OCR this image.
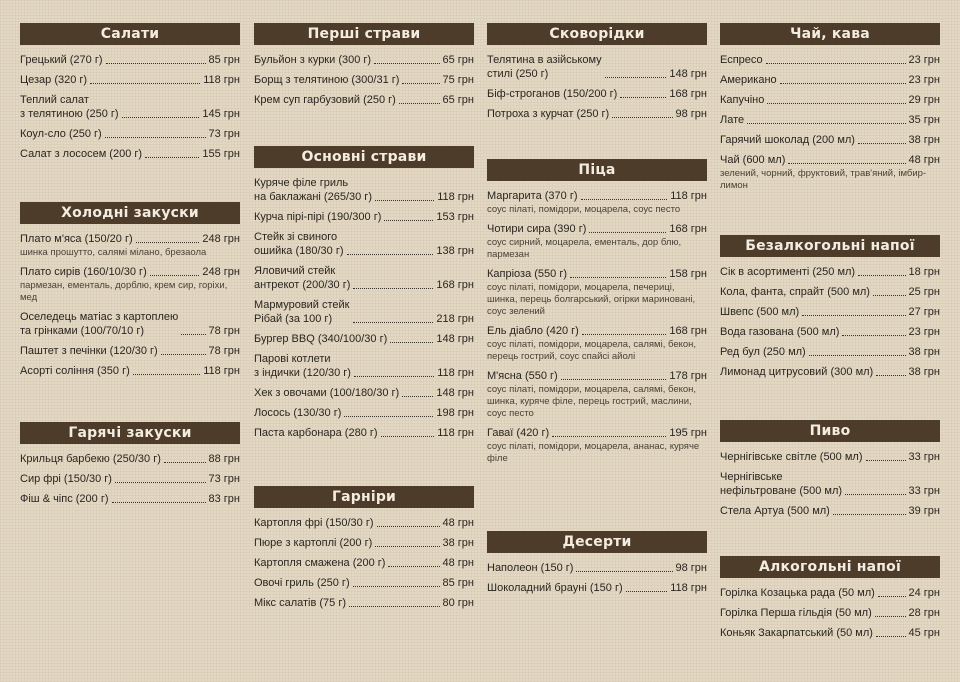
Салати
Грецький (270 г)	85 грн
Цезар (320 г)	118 грн
Теплий салат
з телятиною (250 г)	145 грн
Коул-сло (250 г)	73 грн
Салат з лососем (200 г)	155 грн
Холодні закуски
Плато м'яса (150/20 г)	248 грн
шинка прошутто, салямі мілано, брезаола
Плато сирів (160/10/30 г)	248 грн
пармезан, ементаль, дорблю, крем сир, горіхи, мед
Оселедець матіас з картоплею
та грінками (100/70/10 г)	78 грн
Паштет з печінки (120/30 г)	78 грн
Асорті соління (350 г)	118 грн
Гарячі закуски
Крильця барбекю (250/30 г)	88 грн
Сир фрі (150/30 г)	73 грн
Фіш & чіпс (200 г)	83 грн
Перші страви
Бульйон з курки (300 г)	65 грн
Борщ з телятиною (300/31 г)	75 грн
Крем суп гарбузовий (250 г)	65 грн
Основні страви
Куряче філе гриль
на баклажані (265/30 г)	118 грн
Курча пірі-пірі (190/300 г)	153 грн
Стейк зі свиного
ошийка (180/30 г)	138 грн
Яловичий стейк
антрекот (200/30 г)	168 грн
Мармуровий стейк
Рібай (за 100 г)	218 грн
Бургер BBQ (340/100/30 г)	148 грн
Парові котлети
з індички (120/30 г)	118 грн
Хек з овочами (100/180/30 г)	148 грн
Лосось (130/30 г)	198 грн
Паста карбонара (280 г)	118 грн
Гарніри
Картопля фрі (150/30 г)	48 грн
Пюре з картоплі (200 г)	38 грн
Картопля смажена (200 г)	48 грн
Овочі гриль (250 г)	85 грн
Мікс салатів (75 г)	80 грн
Сковорідки
Телятина в азійському
стилі (250 г)	148 грн
Біф-строганов (150/200 г)	168 грн
Потроха з курчат (250 г)	98 грн
Піца
Маргарита (370 г)	118 грн
соус пілаті, помідори, моцарела, соус песто
Чотири сира (390 г)	168 грн
соус сирний, моцарела, ементаль, дор блю, пармезан
Капріоза (550 г)	158 грн
соус пілаті, помідори, моцарела, печериці, шинка, перець болгарський, огірки мариновані, соус зелений
Ель діабло (420 г)	168 грн
соус пілаті, помідори, моцарела, салямі, бекон, перець гострий, соус спайсі айолі
М'ясна (550 г)	178 грн
соус пілаті, помідори, моцарела, салямі, бекон, шинка, куряче філе, перець гострий, маслини, соус песто
Гаваї (420 г)	195 грн
соус пілаті, помідори, моцарела, ананас, куряче філе
Десерти
Наполеон (150 г)	98 грн
Шоколадний брауні (150 г)	118 грн
Чай, кава
Еспресо	23 грн
Американо	23 грн
Капучіно	29 грн
Лате	35 грн
Гарячий шоколад (200 мл)	38 грн
Чай (600 мл)	48 грн
зелений, чорний, фруктовий, трав'яний, імбир-лимон
Безалкогольні напої
Сік в асортименті (250 мл)	18 грн
Кола, фанта, спрайт (500 мл)	25 грн
Швепс (500 мл)	27 грн
Вода газована (500 мл)	23 грн
Ред бул (250 мл)	38 грн
Лимонад цитрусовий (300 мл)	38 грн
Пиво
Чернігівське світле (500 мл)	33 грн
Чернігівське
нефільтроване (500 мл)	33 грн
Стела Артуа (500 мл)	39 грн
Алкогольні напої
Горілка Козацька рада (50 мл)	24 грн
Горілка Перша гільдія (50 мл)	28 грн
Коньяк Закарпатський (50 мл)	45 грн
